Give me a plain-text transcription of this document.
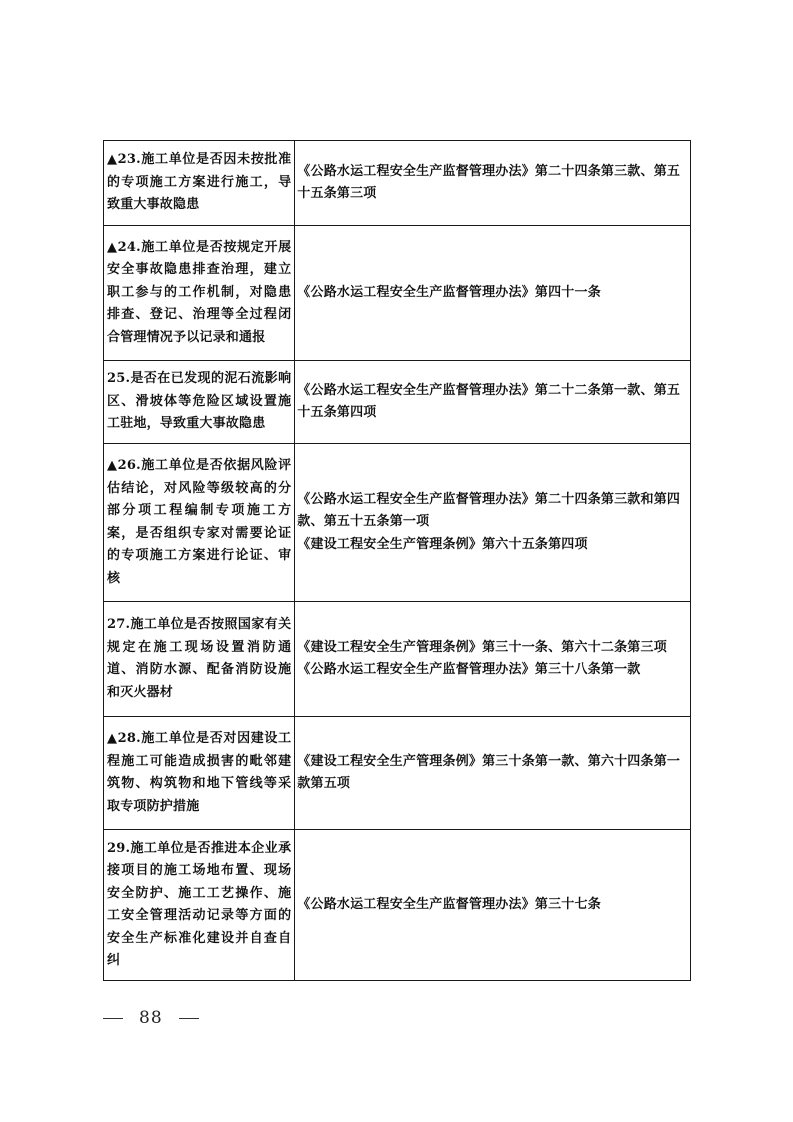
▲23.施工单位是否因未按批准的专项施工方案进行施工，导致重大事故隐患	《公路水运工程安全生产监督管理办法》第二十四条第三款、第五十五条第三项

▲24.施工单位是否按规定开展安全事故隐患排查治理，建立职工参与的工作机制，对隐患排查、登记、治理等全过程闭合管理情况予以记录和通报	《公路水运工程安全生产监督管理办法》第四十一条

25.是否在已发现的泥石流影响区、滑坡体等危险区域设置施工驻地，导致重大事故隐患	《公路水运工程安全生产监督管理办法》第二十二条第一款、第五十五条第四项

▲26.施工单位是否依据风险评估结论，对风险等级较高的分部分项工程编制专项施工方案，是否组织专家对需要论证的专项施工方案进行论证、审核	《公路水运工程安全生产监督管理办法》第二十四条第三款和第四款、第五十五条第一项
《建设工程安全生产管理条例》第六十五条第四项

27.施工单位是否按照国家有关规定在施工现场设置消防通道、消防水源、配备消防设施和灭火器材	《建设工程安全生产管理条例》第三十一条、第六十二条第三项
《公路水运工程安全生产监督管理办法》第三十八条第一款

▲28.施工单位是否对因建设工程施工可能造成损害的毗邻建筑物、构筑物和地下管线等采取专项防护措施	《建设工程安全生产管理条例》第三十条第一款、第六十四条第一款第五项

29.施工单位是否推进本企业承接项目的施工场地布置、现场安全防护、施工工艺操作、施工安全管理活动记录等方面的安全生产标准化建设并自查自纠	《公路水运工程安全生产监督管理办法》第三十七条
88
